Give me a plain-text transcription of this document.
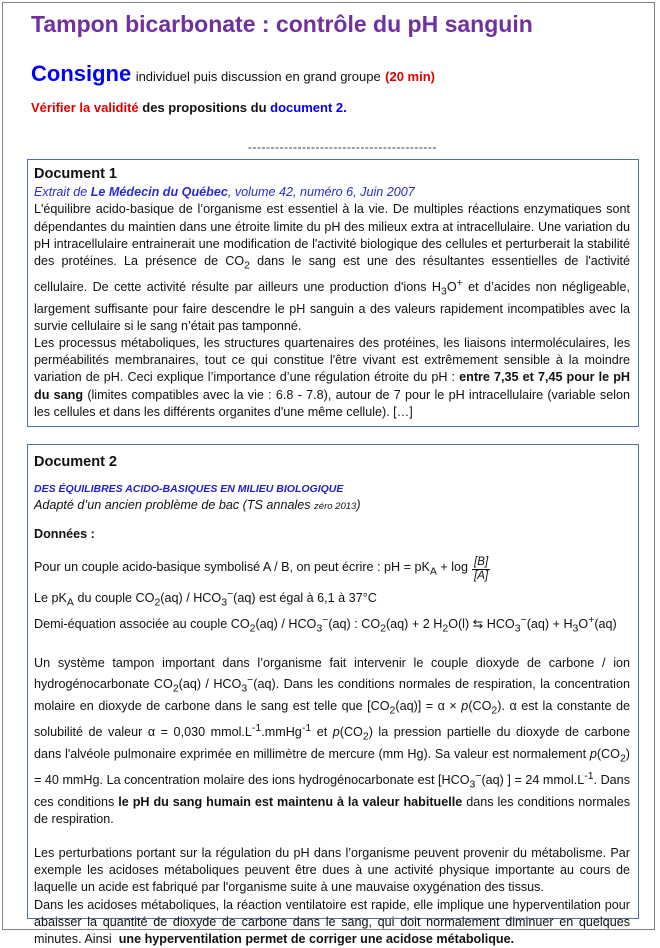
Tampon bicarbonate : contrôle du pH sanguin
Consigne individuel puis discussion en grand groupe (20 min)
Vérifier la validité des propositions du document 2.
------------------------------------------
Document 1
Extrait de Le Médecin du Québec, volume 42, numéro 6, Juin 2007

L'équilibre acido-basique de l’organisme est essentiel à la vie. De multiples réactions enzymatiques sont dépendantes du maintien dans une étroite limite du pH des milieux extra at intracellulaire. Une variation du pH intracellulaire entrainerait une modification de l'activité biologique des cellules et perturberait la stabilité des protéines. La présence de $CO_2$ dans le sang est une des résultantes essentielles de l'activité cellulaire. De cette activité résulte par ailleurs une production d'ions $H_3O^+$ et d’acides non négligeable, largement suffisante pour faire descendre le pH sanguin a des valeurs rapidement incompatibles avec la survie cellulaire si le sang n’était pas tamponné.

Les processus métaboliques, les structures quartenaires des protéines, les liaisons intermoléculaires, les perméabilités membranaires, tout ce qui constitue l'être vivant est extrêmement sensible à la moindre variation de pH. Ceci explique l’importance d’une régulation étroite du pH : entre 7,35 et 7,45 pour le pH du sang (limites compatibles avec la vie : 6.8 - 7.8), autour de 7 pour le pH intracellulaire (variable selon les cellules et dans les différents organites d'une même cellule). […]

Document 2
DES ÉQUILIBRES ACIDO-BASIQUES EN MILIEU BIOLOGIQUE
Adapté d’un ancien problème de bac (TS annales zéro 2013)
Données :
Pour un couple acido-basique symbolisé A / B, on peut écrire : pH = $pK_A + \log \frac{[B]}{[A]}$
Le $pK_A$ du couple $CO_2(aq) / HCO_3^-(aq)$ est égal à 6,1 à 37°C
Demi-équation associée au couple $CO_2(aq) / HCO_3^-(aq)$ : $CO_2(aq) + 2$ $H_2O(l)$ ⇆ $HCO_3^-(aq) + H_3O^+(aq)$

Un système tampon important dans l’organisme fait intervenir le couple dioxyde de carbone / ion hydrogénocarbonate $CO_2(aq) / HCO_3^-(aq)$. Dans les conditions normales de respiration, la concentration molaire en dioxyde de carbone dans le sang est telle que $[CO_2(aq)] = \alpha \times p(CO_2)$. α est la constante de solubilité de valeur α = 0,030 $mmol.L^{-1}.mmHg^{-1}$ et $p(CO_2)$ la pression partielle du dioxyde de carbone dans l'alvéole pulmonaire exprimée en millimètre de mercure (mm Hg). Sa valeur est normalement $p(CO_2) = 40$ mmHg. La concentration molaire des ions hydrogénocarbonate est [$HCO_3^-(aq)$ ] = 24 $mmol.L^{-1}$. Dans ces conditions le pH du sang humain est maintenu à la valeur habituelle dans les conditions normales de respiration.

Les perturbations portant sur la régulation du pH dans l’organisme peuvent provenir du métabolisme. Par exemple les acidoses métaboliques peuvent être dues à une activité physique importante au cours de laquelle un acide est fabriqué par l'organisme suite à une mauvaise oxygénation des tissus.

Dans les acidoses métaboliques, la réaction ventilatoire est rapide, elle implique une hyperventilation pour abaisser la quantité de dioxyde de carbone dans le sang, qui doit normalement diminuer en quelques minutes. Ainsi une hyperventilation permet de corriger une acidose métabolique.
